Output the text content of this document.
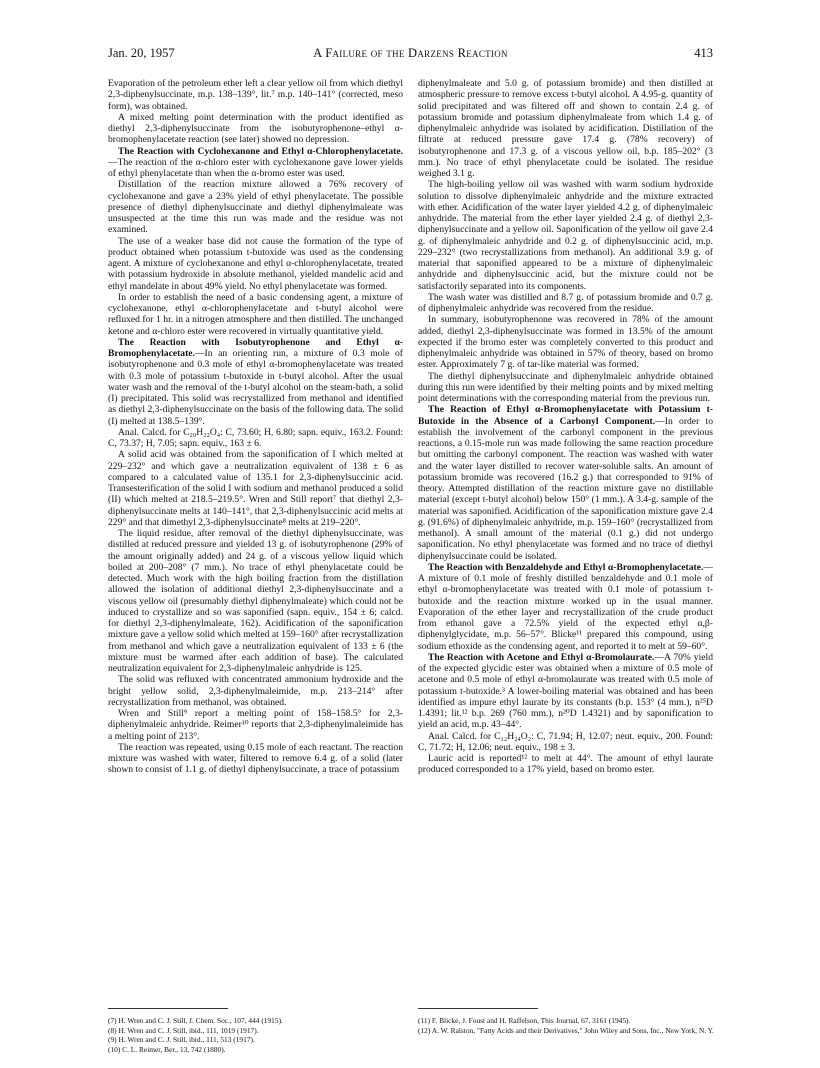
Jan. 20, 1957	A Failure of the Darzens Reaction	413

Evaporation of the petroleum ether left a clear yellow oil from which diethyl 2,3-diphenylsuccinate, m.p. 138–139°, lit.⁷ m.p. 140–141° (corrected, meso form), was obtained.

A mixed melting point determination with the product identified as diethyl 2,3-diphenylsuccinate from the isobutyrophenone–ethyl α-bromophenylacetate reaction (see later) showed no depression.

The Reaction with Cyclohexanone and Ethyl α-Chlorophenylacetate.—The reaction of the α-chloro ester with cyclohexanone gave lower yields of ethyl phenylacetate than when the α-bromo ester was used.

Distillation of the reaction mixture allowed a 76% recovery of cyclohexanone and gave a 23% yield of ethyl phenylacetate. The possible presence of diethyl diphenylsuccinate and diethyl diphenylmaleate was unsuspected at the time this run was made and the residue was not examined.

The use of a weaker base did not cause the formation of the type of product obtained when potassium t-butoxide was used as the condensing agent. A mixture of cyclohexanone and ethyl α-chlorophenylacetate, treated with potassium hydroxide in absolute methanol, yielded mandelic acid and ethyl mandelate in about 49% yield. No ethyl phenylacetate was formed.

In order to establish the need of a basic condensing agent, a mixture of cyclohexanone, ethyl α-chlorophenylacetate and t-butyl alcohol were refluxed for 1 hr. in a nitrogen atmosphere and then distilled. The unchanged ketone and α-chloro ester were recovered in virtually quantitative yield.

The Reaction with Isobutyrophenone and Ethyl α-Bromophenylacetate.—In an orienting run, a mixture of 0.3 mole of isobutyrophenone and 0.3 mole of ethyl α-bromophenylacetate was treated with 0.3 mole of potassium t-butoxide in t-butyl alcohol. After the usual water wash and the removal of the t-butyl alcohol on the steam-bath, a solid (I) precipitated. This solid was recrystallized from methanol and identified as diethyl 2,3-diphenylsuccinate on the basis of the following data. The solid (I) melted at 138.5–139°.

Anal. Calcd. for C₂₀H₂₂O₄: C, 73.60; H, 6.80; sapn. equiv., 163.2. Found: C, 73.37; H, 7.05; sapn. equiv., 163 ± 6.

A solid acid was obtained from the saponification of I which melted at 229–232° and which gave a neutralization equivalent of 138 ± 6 as compared to a calculated value of 135.1 for 2,3-diphenylsuccinic acid. Transesterification of the solid I with sodium and methanol produced a solid (II) which melted at 218.5–219.5°. Wren and Still report⁷ that diethyl 2,3-diphenylsuccinate melts at 140–141°, that 2,3-diphenylsuccinic acid melts at 229° and that dimethyl 2,3-diphenylsuccinate⁸ melts at 219–220°.

The liquid residue, after removal of the diethyl diphenylsuccinate, was distilled at reduced pressure and yielded 13 g. of isobutyrophenone (29% of the amount originally added) and 24 g. of a viscous yellow liquid which boiled at 200–208° (7 mm.). No trace of ethyl phenylacetate could be detected. Much work with the high boiling fraction from the distillation allowed the isolation of additional diethyl 2,3-diphenylsuccinate and a viscous yellow oil (presumably diethyl diphenylmaleate) which could not be induced to crystallize and so was saponified (sapn. equiv., 154 ± 6; calcd. for diethyl 2,3-diphenylmaleate, 162). Acidification of the saponification mixture gave a yellow solid which melted at 159–160° after recrystallization from methanol and which gave a neutralization equivalent of 133 ± 6 (the mixture must be warmed after each addition of base). The calculated neutralization equivalent for 2,3-diphenylmaleic anhydride is 125.

The solid was refluxed with concentrated ammonium hydroxide and the bright yellow solid, 2,3-diphenylmaleimide, m.p. 213–214° after recrystallization from methanol, was obtained.

Wren and Still⁹ report a melting point of 158–158.5° for 2,3-diphenylmaleic anhydride. Reimer¹⁰ reports that 2,3-diphenylmaleimide has a melting point of 213°.

The reaction was repeated, using 0.15 mole of each reactant. The reaction mixture was washed with water, filtered to remove 6.4 g. of a solid (later shown to consist of 1.1 g. of diethyl diphenylsuccinate, a trace of potassium

diphenylmaleate and 5.0 g. of potassium bromide) and then distilled at atmospheric pressure to remove excess t-butyl alcohol. A 4.95-g. quantity of solid precipitated and was filtered off and shown to contain 2.4 g. of potassium bromide and potassium diphenylmaleate from which 1.4 g. of diphenylmaleic anhydride was isolated by acidification. Distillation of the filtrate at reduced pressure gave 17.4 g. (78% recovery) of isobutyrophenone and 17.3 g. of a viscous yellow oil, b.p. 185–202° (3 mm.). No trace of ethyl phenylacetate could be isolated. The residue weighed 3.1 g.

The high-boiling yellow oil was washed with warm sodium hydroxide solution to dissolve diphenylmaleic anhydride and the mixture extracted with ether. Acidification of the water layer yielded 4.2 g. of diphenylmaleic anhydride. The material from the ether layer yielded 2.4 g. of diethyl 2,3-diphenylsuccinate and a yellow oil. Saponification of the yellow oil gave 2.4 g. of diphenylmaleic anhydride and 0.2 g. of diphenylsuccinic acid, m.p. 229–232° (two recrystallizations from methanol). An additional 3.9 g. of material that saponified appeared to be a mixture of diphenylmaleic anhydride and diphenylsuccinic acid, but the mixture could not be satisfactorily separated into its components.

The wash water was distilled and 8.7 g. of potassium bromide and 0.7 g. of diphenylmaleic anhydride was recovered from the residue.

In summary, isobutyrophenone was recovered in 78% of the amount added, diethyl 2,3-diphenylsuccinate was formed in 13.5% of the amount expected if the bromo ester was completely converted to this product and diphenylmaleic anhydride was obtained in 57% of theory, based on bromo ester. Approximately 7 g. of tar-like material was formed.

The diethyl diphenylsuccinate and diphenylmaleic anhydride obtained during this run were identified by their melting points and by mixed melting point determinations with the corresponding material from the previous run.

The Reaction of Ethyl α-Bromophenylacetate with Potassium t-Butoxide in the Absence of a Carbonyl Component.—In order to establish the involvement of the carbonyl component in the previous reactions, a 0.15-mole run was made following the same reaction procedure but omitting the carbonyl component. The reaction was washed with water and the water layer distilled to recover water-soluble salts. An amount of potassium bromide was recovered (16.2 g.) that corresponded to 91% of theory. Attempted distillation of the reaction mixture gave no distillable material (except t-butyl alcohol) below 150° (1 mm.). A 3.4-g. sample of the material was saponified. Acidification of the saponification mixture gave 2.4 g. (91.6%) of diphenylmaleic anhydride, m.p. 159–160° (recrystallized from methanol). A small amount of the material (0.1 g.) did not undergo saponification. No ethyl phenylacetate was formed and no trace of diethyl diphenylsuccinate could be isolated.

The Reaction with Benzaldehyde and Ethyl α-Bromophenylacetate.—A mixture of 0.1 mole of freshly distilled benzaldehyde and 0.1 mole of ethyl α-bromophenylacetate was treated with 0.1 mole of potassium t-butoxide and the reaction mixture worked up in the usual manner. Evaporation of the ether layer and recrystallization of the crude product from ethanol gave a 72.5% yield of the expected ethyl α,β-diphenylglycidate, m.p. 56–57°. Blicke¹¹ prepared this compound, using sodium ethoxide as the condensing agent, and reported it to melt at 59–60°.

The Reaction with Acetone and Ethyl α-Bromolaurate.—A 70% yield of the expected glycidic ester was obtained when a mixture of 0.5 mole of acetone and 0.5 mole of ethyl α-bromolaurate was treated with 0.5 mole of potassium t-butoxide.³ A lower-boiling material was obtained and has been identified as impure ethyl laurate by its constants (b.p. 153° (4 mm.), n²⁵D 1.4391; lit.¹² b.p. 269 (760 mm.), n²⁰D 1.4321) and by saponification to yield an acid, m.p. 43–44°.

Anal. Calcd. for C₁₂H₂₄O₂: C, 71.94; H, 12.07; neut. equiv., 200. Found: C, 71.72; H, 12.06; neut. equiv., 198 ± 3.

Lauric acid is reported¹² to melt at 44°. The amount of ethyl laurate produced corresponded to a 17% yield, based on bromo ester.

(7) H. Wren and C. J. Still, J. Chem. Soc., 107, 444 (1915).
(8) H. Wren and C. J. Still, ibid., 111, 1019 (1917).
(9) H. Wren and C. J. Still, ibid., 111, 513 (1917).
(10) C. L. Reimer, Ber., 13, 742 (1880).
(11) F. Blicke, J. Foust and H. Raffelson, This Journal, 67, 3161 (1945).
(12) A. W. Ralston, "Fatty Acids and their Derivatives," John Wiley and Sons, Inc., New York, N. Y.
